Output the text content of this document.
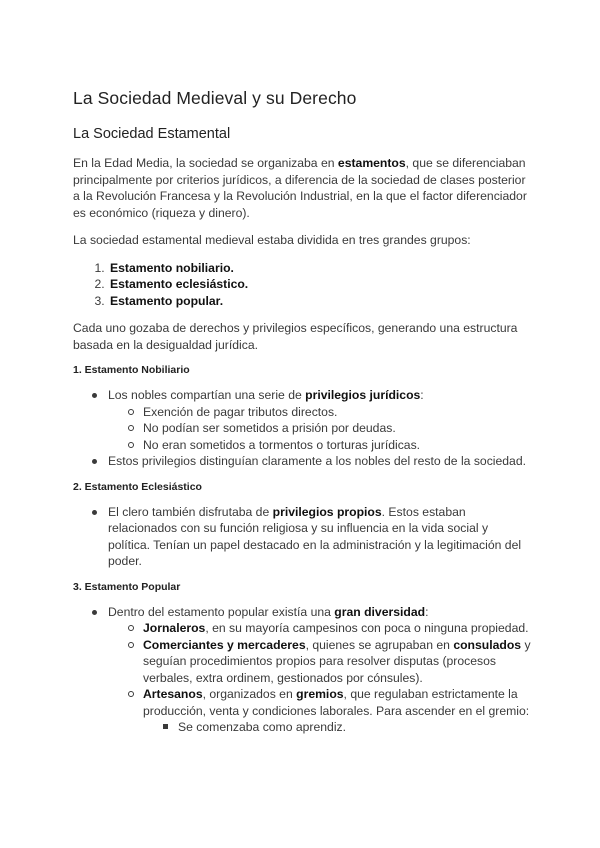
La Sociedad Medieval y su Derecho
La Sociedad Estamental

En la Edad Media, la sociedad se organizaba en estamentos, que se diferenciaban principalmente por criterios jurídicos, a diferencia de la sociedad de clases posterior a la Revolución Francesa y la Revolución Industrial, en la que el factor diferenciador es económico (riqueza y dinero).

La sociedad estamental medieval estaba dividida en tres grandes grupos:

1. Estamento nobiliario.
2. Estamento eclesiástico.
3. Estamento popular.

Cada uno gozaba de derechos y privilegios específicos, generando una estructura basada en la desigualdad jurídica.

1. Estamento Nobiliario
Los nobles compartían una serie de privilegios jurídicos:
Exención de pagar tributos directos.
No podían ser sometidos a prisión por deudas.
No eran sometidos a tormentos o torturas jurídicas.
Estos privilegios distinguían claramente a los nobles del resto de la sociedad.
2. Estamento Eclesiástico
El clero también disfrutaba de privilegios propios. Estos estaban relacionados con su función religiosa y su influencia en la vida social y política. Tenían un papel destacado en la administración y la legitimación del poder.
3. Estamento Popular
Dentro del estamento popular existía una gran diversidad:
Jornaleros, en su mayoría campesinos con poca o ninguna propiedad.
Comerciantes y mercaderes, quienes se agrupaban en consulados y seguían procedimientos propios para resolver disputas (procesos verbales, extra ordinem, gestionados por cónsules).
Artesanos, organizados en gremios, que regulaban estrictamente la producción, venta y condiciones laborales. Para ascender en el gremio:
Se comenzaba como aprendiz.
